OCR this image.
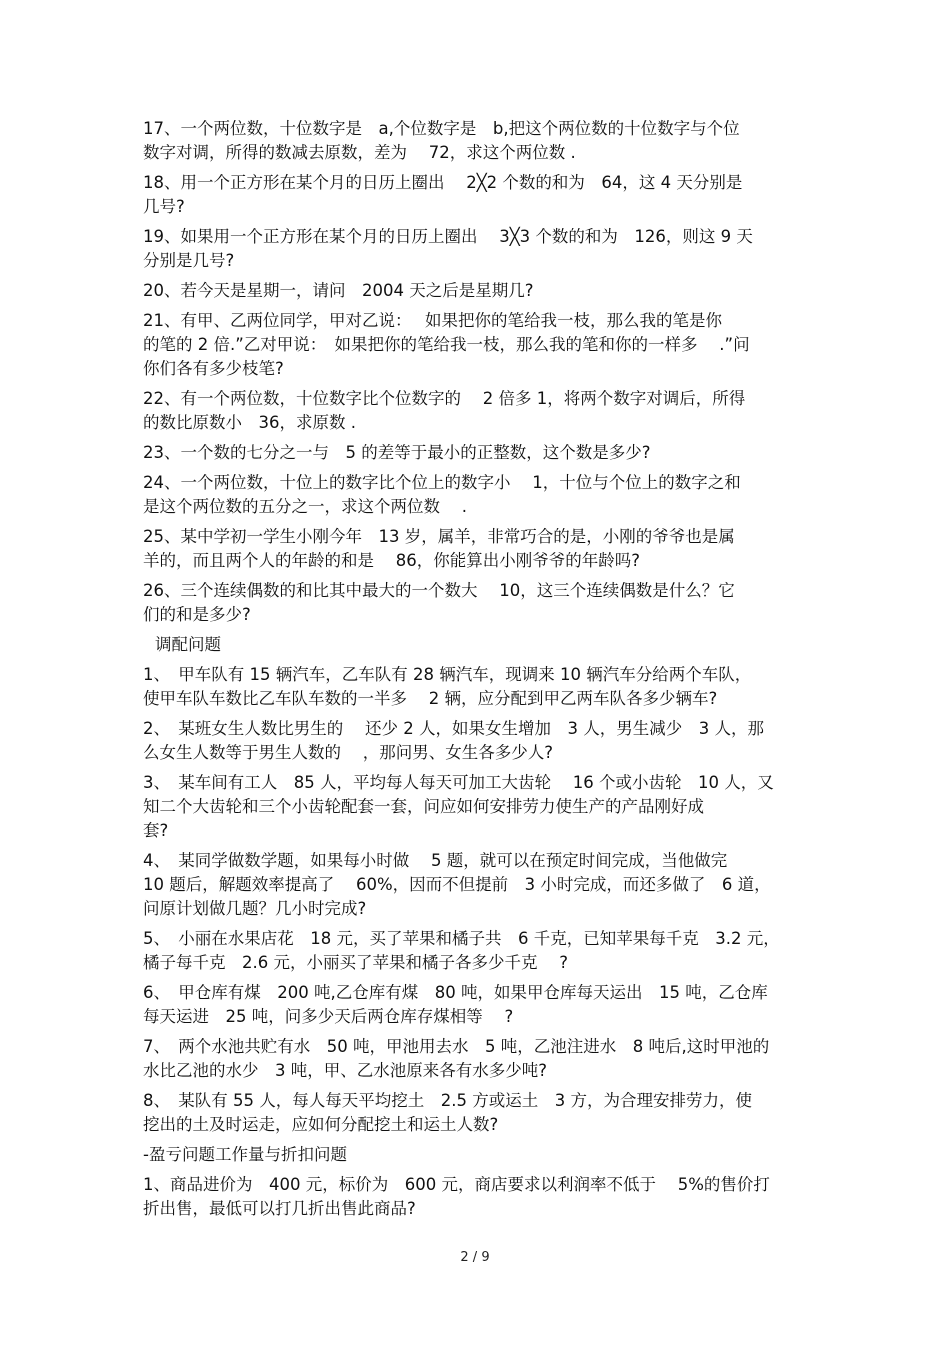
17、一个两位数，十位数字是　a,个位数字是　b,把这个两位数的十位数字与个位
数字对调，所得的数减去原数，差为　 72，求这个两位数 .
18、用一个正方形在某个月的日历上圈出　 2╳2 个数的和为　64，这 4 天分别是
几号?
19、如果用一个正方形在某个月的日历上圈出　 3╳3 个数的和为　126，则这 9 天
分别是几号?
20、若今天是星期一，请问　2004 天之后是星期几?
21、有甲、乙两位同学，甲对乙说：　 如果把你的笔给我一枝，那么我的笔是你
的笔的 2 倍.”乙对甲说：　如果把你的笔给我一枝，那么我的笔和你的一样多　 .”问
你们各有多少枝笔?
22、有一个两位数，十位数字比个位数字的　 2 倍多 1，将两个数字对调后，所得
的数比原数小　36，求原数 .
23、一个数的七分之一与　5 的差等于最小的正整数，这个数是多少?
24、一个两位数，十位上的数字比个位上的数字小　 1，十位与个位上的数字之和
是这个两位数的五分之一，求这个两位数　 .
25、某中学初一学生小刚今年　13 岁，属羊，非常巧合的是，小刚的爷爷也是属
羊的，而且两个人的年龄的和是　 86，你能算出小刚爷爷的年龄吗?
26、三个连续偶数的和比其中最大的一个数大　 10，这三个连续偶数是什么？它
们的和是多少?
调配问题
1、　甲车队有 15 辆汽车，乙车队有 28 辆汽车，现调来 10 辆汽车分给两个车队，
使甲车队车数比乙车队车数的一半多　 2 辆，应分配到甲乙两车队各多少辆车?
2、　某班女生人数比男生的　 还少 2 人，如果女生增加　3 人，男生减少　3 人，那
么女生人数等于男生人数的　 ，那问男、女生各多少人?
3、　某车间有工人　85 人，平均每人每天可加工大齿轮　 16 个或小齿轮　10 人，又
知二个大齿轮和三个小齿轮配套一套，问应如何安排劳力使生产的产品刚好成
套?
4、　某同学做数学题，如果每小时做　 5 题，就可以在预定时间完成，当他做完
10 题后，解题效率提高了　 60%，因而不但提前　3 小时完成，而还多做了　6 道，
问原计划做几题？几小时完成?
5、　小丽在水果店花　18 元，买了苹果和橘子共　6 千克，已知苹果每千克　3.2 元，
橘子每千克　2.6 元，小丽买了苹果和橘子各多少千克　 ?
6、　甲仓库有煤　200 吨,乙仓库有煤　80 吨，如果甲仓库每天运出　15 吨，乙仓库
每天运进　25 吨，问多少天后两仓库存煤相等　 ?
7、　两个水池共贮有水　50 吨，甲池用去水　5 吨，乙池注进水　8 吨后,这时甲池的
水比乙池的水少　3 吨，甲、乙水池原来各有水多少吨?
8、　某队有 55 人，每人每天平均挖土　2.5 方或运土　3 方，为合理安排劳力，使
挖出的土及时运走，应如何分配挖土和运土人数?
-盈亏问题工作量与折扣问题
1、商品进价为　400 元，标价为　600 元，商店要求以利润率不低于　 5%的售价打
折出售，最低可以打几折出售此商品?
2 / 9
